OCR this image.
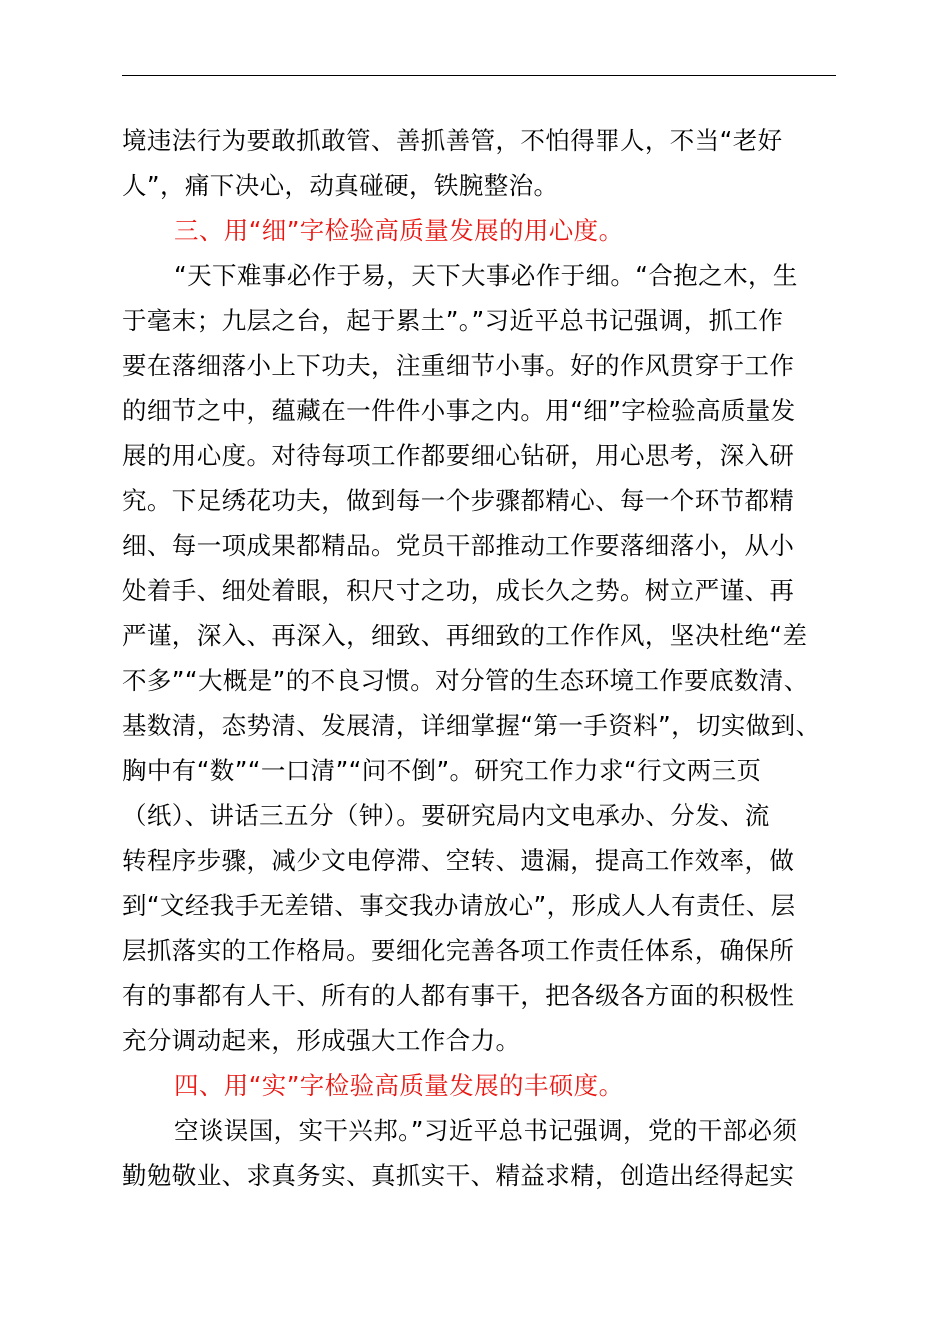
境违法行为要敢抓敢管、善抓善管，不怕得罪人，不当“老好
人”，痛下决心，动真碰硬，铁腕整治。
三、用“细”字检验高质量发展的用心度。
“天下难事必作于易，天下大事必作于细。“合抱之木，生
于毫末；九层之台，起于累土”。”习近平总书记强调，抓工作
要在落细落小上下功夫，注重细节小事。好的作风贯穿于工作
的细节之中，蕴藏在一件件小事之内。用“细”字检验高质量发
展的用心度。对待每项工作都要细心钻研，用心思考，深入研
究。下足绣花功夫，做到每一个步骤都精心、每一个环节都精
细、每一项成果都精品。党员干部推动工作要落细落小，从小
处着手、细处着眼，积尺寸之功，成长久之势。树立严谨、再
严谨，深入、再深入，细致、再细致的工作作风，坚决杜绝“差
不多”“大概是”的不良习惯。对分管的生态环境工作要底数清、
基数清，态势清、发展清，详细掌握“第一手资料”，切实做到、
胸中有“数”“一口清”“问不倒”。研究工作力求“行文两三页
（纸）、讲话三五分（钟）。要研究局内文电承办、分发、流
转程序步骤，减少文电停滞、空转、遗漏，提高工作效率，做
到“文经我手无差错、事交我办请放心”，形成人人有责任、层
层抓落实的工作格局。要细化完善各项工作责任体系，确保所
有的事都有人干、所有的人都有事干，把各级各方面的积极性
充分调动起来，形成强大工作合力。
四、用“实”字检验高质量发展的丰硕度。
空谈误国，实干兴邦。”习近平总书记强调，党的干部必须
勤勉敬业、求真务实、真抓实干、精益求精，创造出经得起实
